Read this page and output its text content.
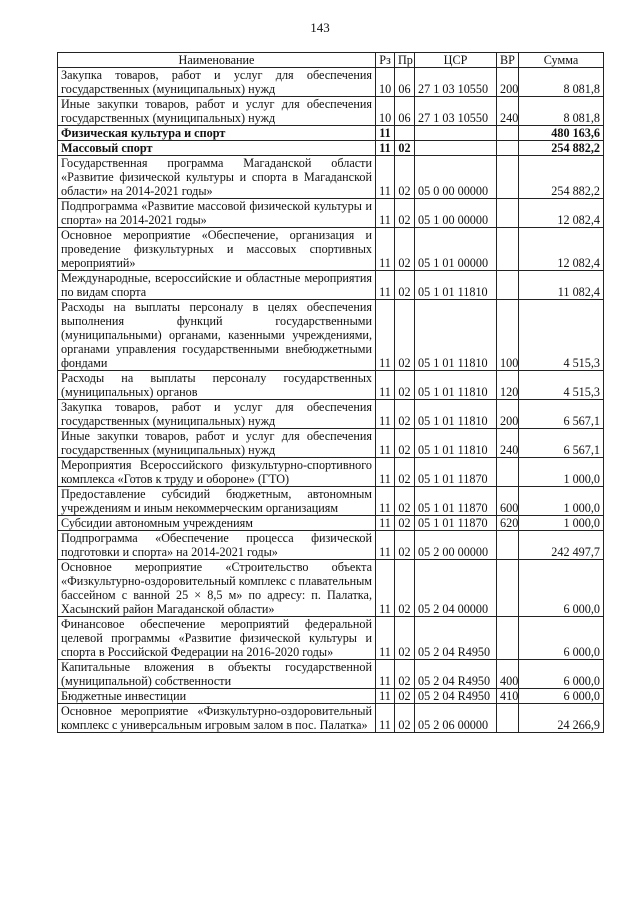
143
Наименование	Рз	Пр	ЦСР	ВР	Сумма
Закупка товаров, работ и услуг для обеспечения государственных (муниципальных) нужд	10	06	27 1 03 10550	200	8 081,8
Иные закупки товаров, работ и услуг для обеспечения государственных (муниципальных) нужд	10	06	27 1 03 10550	240	8 081,8
Физическая культура и спорт	11				480 163,6
Массовый спорт	11	02			254 882,2
Государственная программа Магаданской области «Развитие физической культуры и спорта в Магаданской области» на 2014-2021 годы»	11	02	05 0 00 00000		254 882,2
Подпрограмма «Развитие массовой физической культуры и спорта» на 2014-2021 годы»	11	02	05 1 00 00000		12 082,4
Основное мероприятие «Обеспечение, организация и проведение физкультурных и массовых спортивных мероприятий»	11	02	05 1 01 00000		12 082,4
Международные, всероссийские и областные мероприятия по видам спорта	11	02	05 1 01 11810		11 082,4
Расходы на выплаты персоналу в целях обеспечения выполнения функций государственными (муниципальными) органами, казенными учреждениями, органами управления государственными внебюджетными фондами	11	02	05 1 01 11810	100	4 515,3
Расходы на выплаты персоналу государственных (муниципальных) органов	11	02	05 1 01 11810	120	4 515,3
Закупка товаров, работ и услуг для обеспечения государственных (муниципальных) нужд	11	02	05 1 01 11810	200	6 567,1
Иные закупки товаров, работ и услуг для обеспечения государственных (муниципальных) нужд	11	02	05 1 01 11810	240	6 567,1
Мероприятия Всероссийского физкультурно-спортивного комплекса «Готов к труду и обороне» (ГТО)	11	02	05 1 01 11870		1 000,0
Предоставление субсидий бюджетным, автономным учреждениям и иным некоммерческим организациям	11	02	05 1 01 11870	600	1 000,0
Субсидии автономным учреждениям	11	02	05 1 01 11870	620	1 000,0
Подпрограмма «Обеспечение процесса физической подготовки и спорта» на 2014-2021 годы»	11	02	05 2 00 00000		242 497,7
Основное мероприятие «Строительство объекта «Физкультурно-оздоровительный комплекс с плавательным бассейном с ванной 25 × 8,5 м» по адресу: п. Палатка, Хасынский район Магаданской области»	11	02	05 2 04 00000		6 000,0
Финансовое обеспечение мероприятий федеральной целевой программы «Развитие физической культуры и спорта в Российской Федерации на 2016-2020 годы»	11	02	05 2 04 R4950		6 000,0
Капитальные вложения в объекты государственной (муниципальной) собственности	11	02	05 2 04 R4950	400	6 000,0
Бюджетные инвестиции	11	02	05 2 04 R4950	410	6 000,0
Основное мероприятие «Физкультурно-оздоровительный комплекс с универсальным игровым залом в пос. Палатка»	11	02	05 2 06 00000		24 266,9
